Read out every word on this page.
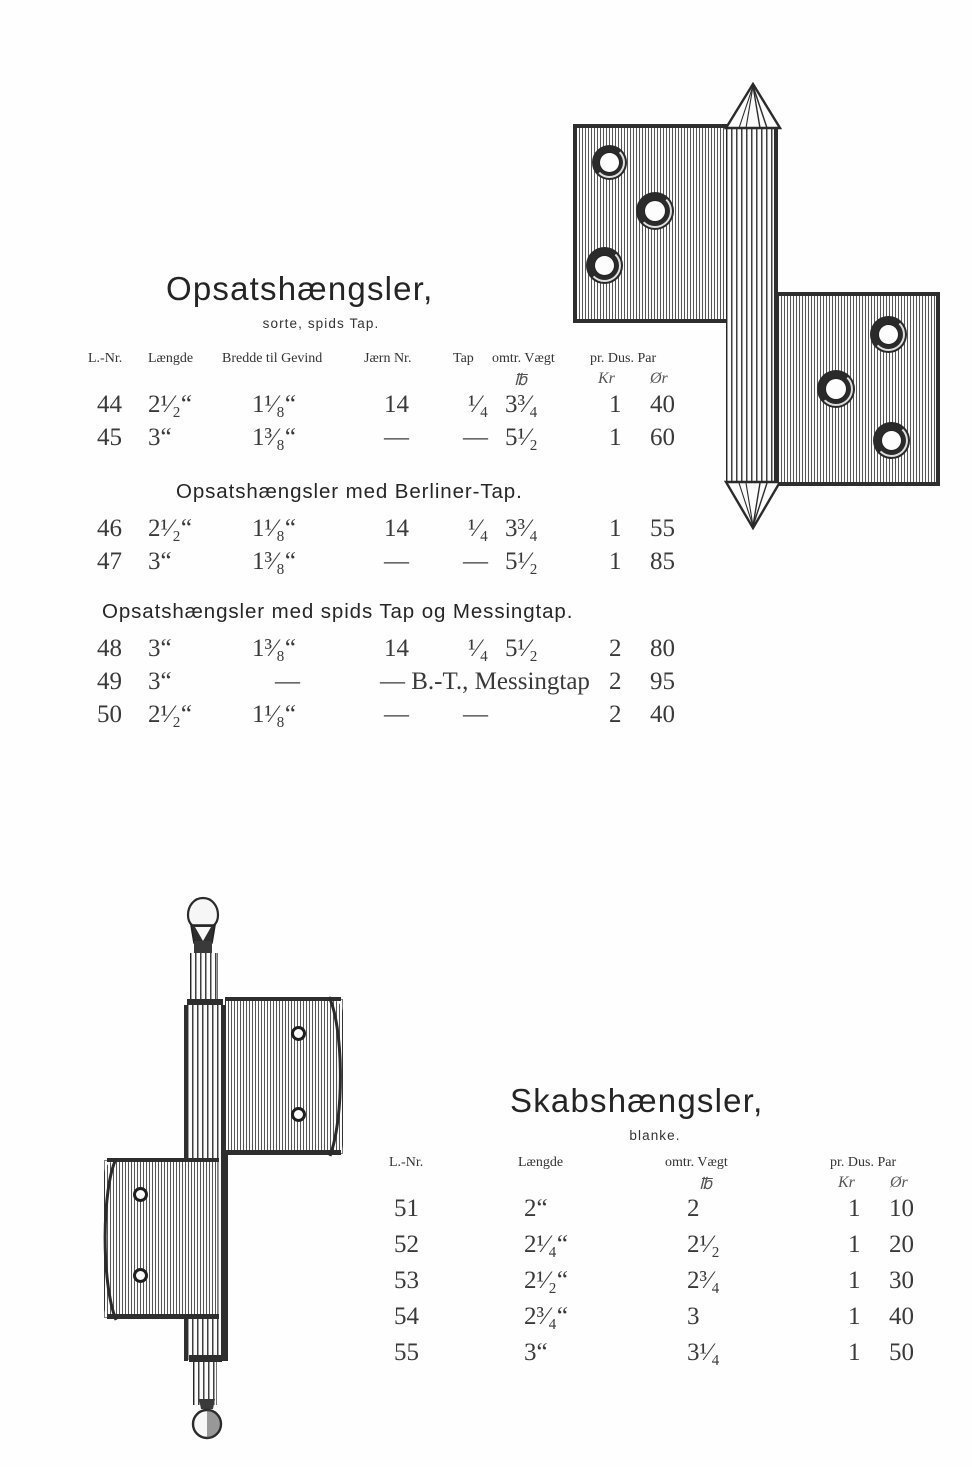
Opsatshængsler,
sorte, spids Tap.
L.-Nr. Længde Bredde til Gevind	Jærn Nr.	Tap omtr. Vægt	pr. Dus. Par
℔	Kr Ør
44 2¹⁄₂“ 1¹⁄₈“	14 ¹⁄₄ 3³⁄₄	1 40
45 3“	1³⁄₈“	— — 5¹⁄₂	1 60
Opsatshængsler med Berliner-Tap.
46 2¹⁄₂“ 1¹⁄₈“	14 ¹⁄₄ 3³⁄₄	1 55
47 3“	1³⁄₈“	— — 5¹⁄₂	1 85
Opsatshængsler med spids Tap og Messingtap.
48 3“	1³⁄₈“	14 ¹⁄₄ 5¹⁄₂	2 80
49 3“	—	— B.-T., Messingtap 2 95
50 2¹⁄₂“ 1¹⁄₈“	— —	2 40
Skabshængsler,
blanke.
L.-Nr.	Længde	omtr. Vægt	pr. Dus. Par
℔	Kr Ør
51	2“	2	1 10
52	2¹⁄₄“	2¹⁄₂	1 20
53	2¹⁄₂“	2³⁄₄	1 30
54	2³⁄₄“	3	1 40
55	3“	3¹⁄₄	1 50
